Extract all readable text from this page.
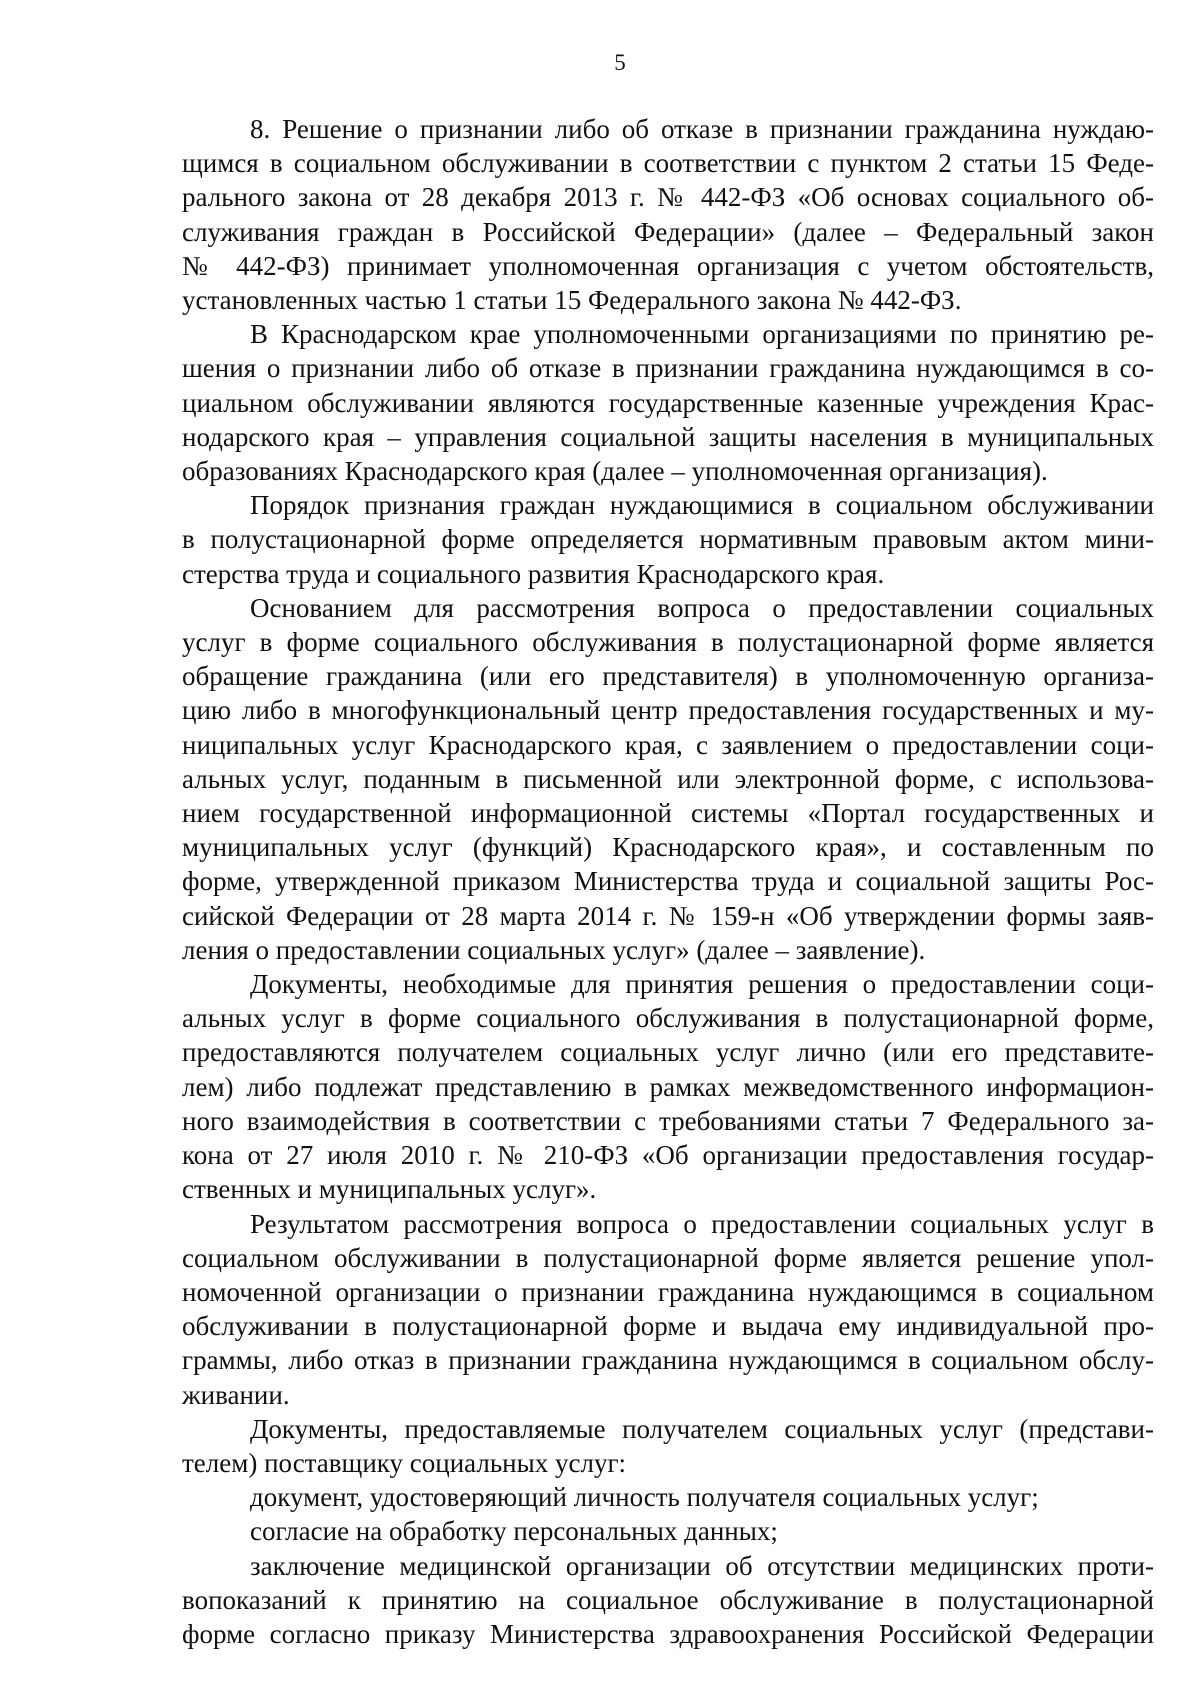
5

8. Решение о признании либо об отказе в признании гражданина нуждаю-
щимся в социальном обслуживании в соответствии с пунктом 2 статьи 15 Феде-
рального закона от 28 декабря 2013 г. № 442-ФЗ «Об основах социального об-
служивания граждан в Российской Федерации» (далее – Федеральный закон
№ 442-ФЗ) принимает уполномоченная организация с учетом обстоятельств,
установленных частью 1 статьи 15 Федерального закона № 442-ФЗ.

В Краснодарском крае уполномоченными организациями по принятию ре-
шения о признании либо об отказе в признании гражданина нуждающимся в со-
циальном обслуживании являются государственные казенные учреждения Крас-
нодарского края – управления социальной защиты населения в муниципальных
образованиях Краснодарского края (далее – уполномоченная организация).

Порядок признания граждан нуждающимися в социальном обслуживании
в полустационарной форме определяется нормативным правовым актом мини-
стерства труда и социального развития Краснодарского края.

Основанием для рассмотрения вопроса о предоставлении социальных
услуг в форме социального обслуживания в полустационарной форме является
обращение гражданина (или его представителя) в уполномоченную организа-
цию либо в многофункциональный центр предоставления государственных и му-
ниципальных услуг Краснодарского края, с заявлением о предоставлении соци-
альных услуг, поданным в письменной или электронной форме, с использова-
нием государственной информационной системы «Портал государственных и
муниципальных услуг (функций) Краснодарского края», и составленным по
форме, утвержденной приказом Министерства труда и социальной защиты Рос-
сийской Федерации от 28 марта 2014 г. № 159-н «Об утверждении формы заяв-
ления о предоставлении социальных услуг» (далее – заявление).

Документы, необходимые для принятия решения о предоставлении соци-
альных услуг в форме социального обслуживания в полустационарной форме,
предоставляются получателем социальных услуг лично (или его представите-
лем) либо подлежат представлению в рамках межведомственного информацион-
ного взаимодействия в соответствии с требованиями статьи 7 Федерального за-
кона от 27 июля 2010 г. № 210-ФЗ «Об организации предоставления государ-
ственных и муниципальных услуг».

Результатом рассмотрения вопроса о предоставлении социальных услуг в
социальном обслуживании в полустационарной форме является решение упол-
номоченной организации о признании гражданина нуждающимся в социальном
обслуживании в полустационарной форме и выдача ему индивидуальной про-
граммы, либо отказ в признании гражданина нуждающимся в социальном обслу-
живании.

Документы, предоставляемые получателем социальных услуг (представи-
телем) поставщику социальных услуг:

документ, удостоверяющий личность получателя социальных услуг;

согласие на обработку персональных данных;

заключение медицинской организации об отсутствии медицинских проти-
вопоказаний к принятию на социальное обслуживание в полустационарной
форме согласно приказу Министерства здравоохранения Российской Федерации
